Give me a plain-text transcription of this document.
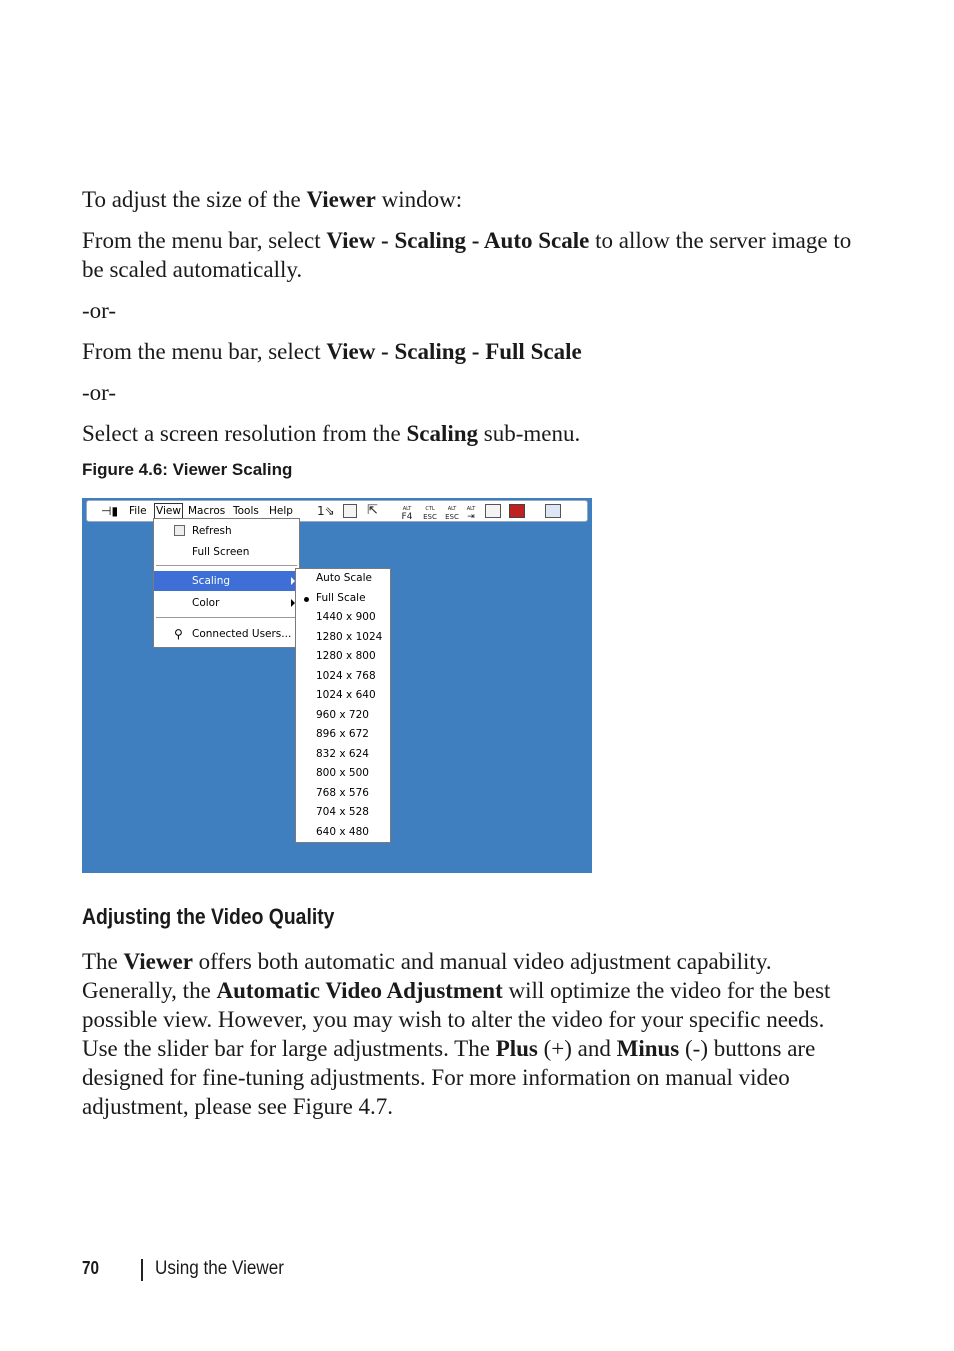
To adjust the size of the Viewer window:

From the menu bar, select View - Scaling - Auto Scale to allow the server image to be scaled automatically.

-or-

From the menu bar, select View - Scaling - Full Scale

-or-

Select a screen resolution from the Scaling sub-menu.

Figure 4.6: Viewer Scaling
⊣▮ File View Macros Tools Help 1⇘ ⇱	ALT
F4
CTL
ESC
ALT
ESC
ALT
⇥
Refresh
Full Screen
Scaling
Color
⚲ Connected Users...
Auto Scale
Full Scale
1440 x 900
1280 x 1024
1280 x 800
1024 x 768
1024 x 640
960 x 720
896 x 672
832 x 624
800 x 500
768 x 576
704 x 528
640 x 480
Adjusting the Video Quality

The Viewer offers both automatic and manual video adjustment capability. Generally, the Automatic Video Adjustment will optimize the video for the best possible view. However, you may wish to alter the video for your specific needs. Use the slider bar for large adjustments. The Plus (+) and Minus (-) buttons are designed for fine-tuning adjustments. For more information on manual video adjustment, please see Figure 4.7.

70	Using the Viewer
